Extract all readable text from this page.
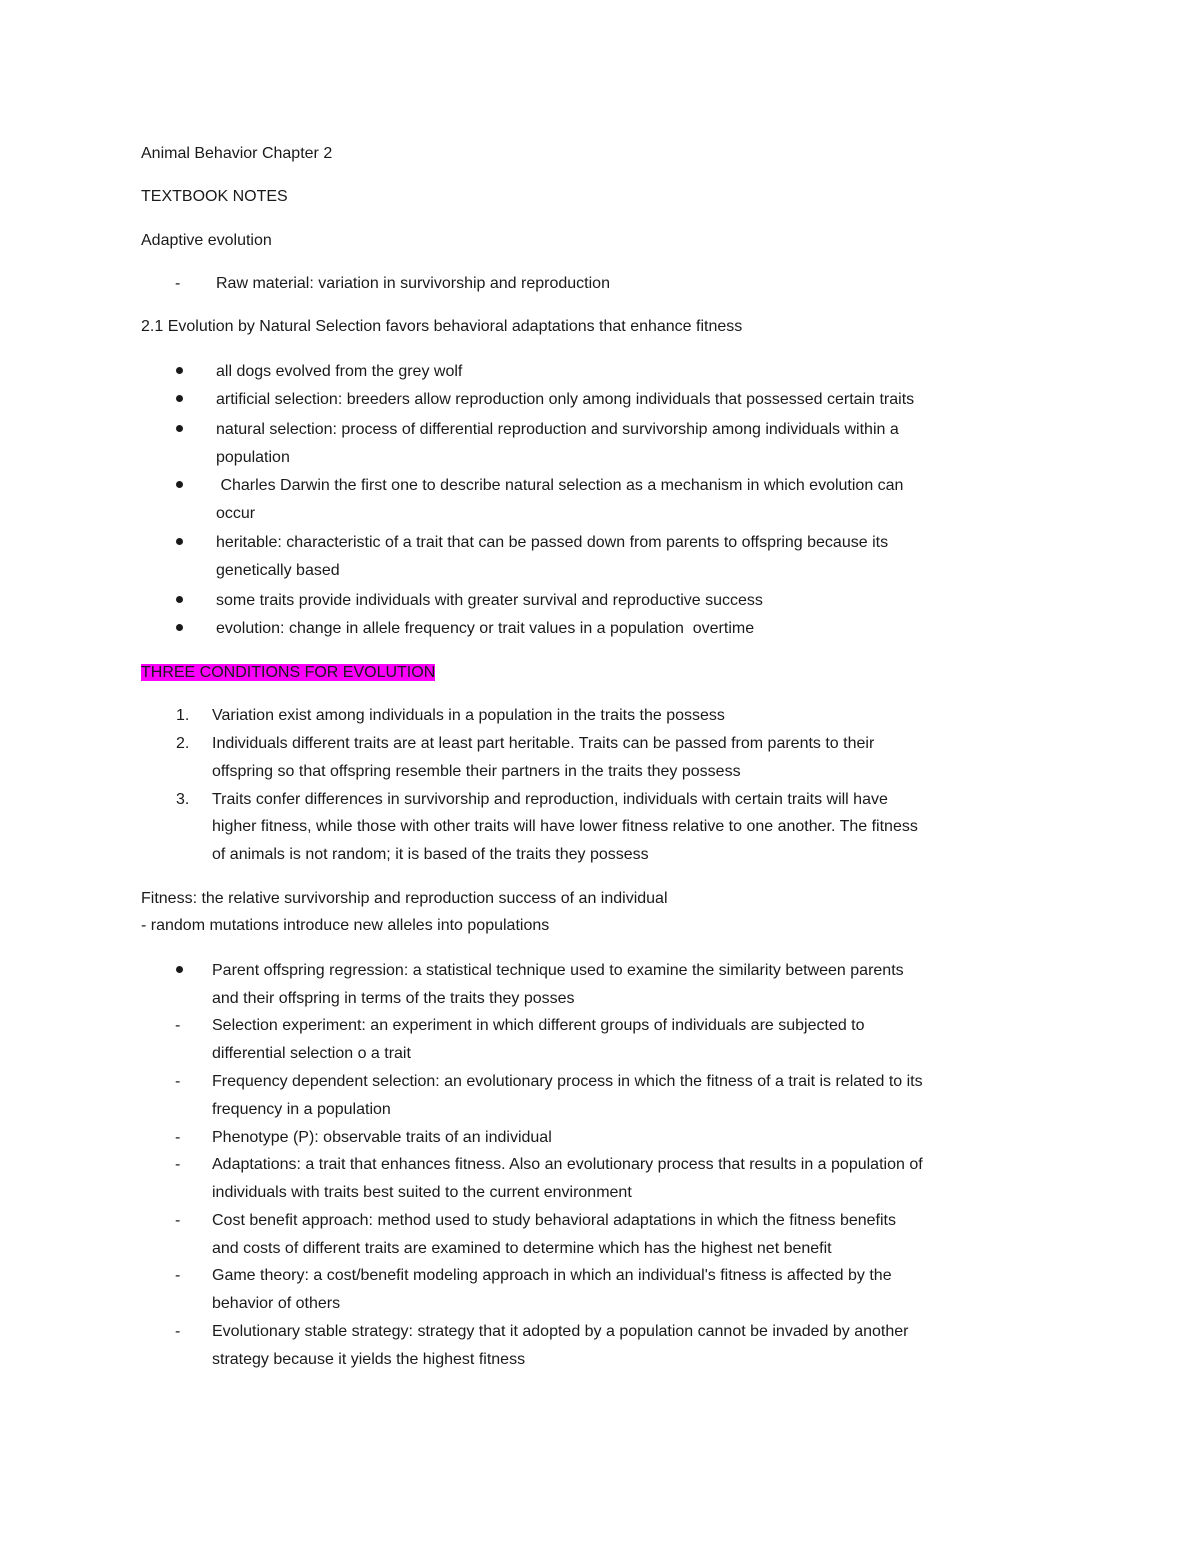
Animal Behavior Chapter 2

TEXTBOOK NOTES

Adaptive evolution

-	Raw material: variation in survivorship and reproduction

2.1 Evolution by Natural Selection favors behavioral adaptations that enhance fitness

all dogs evolved from the grey wolf
artificial selection: breeders allow reproduction only among individuals that possessed certain traits
natural selection: process of differential reproduction and survivorship among individuals within a
population
Charles Darwin the first one to describe natural selection as a mechanism in which evolution can
occur
heritable: characteristic of a trait that can be passed down from parents to offspring because its
genetically based
some traits provide individuals with greater survival and reproductive success
evolution: change in allele frequency or trait values in a population  overtime

THREE CONDITIONS FOR EVOLUTION

1.	Variation exist among individuals in a population in the traits the possess
2.	Individuals different traits are at least part heritable. Traits can be passed from parents to their
offspring so that offspring resemble their partners in the traits they possess
3.	Traits confer differences in survivorship and reproduction, individuals with certain traits will have
higher fitness, while those with other traits will have lower fitness relative to one another. The fitness
of animals is not random; it is based of the traits they possess

Fitness: the relative survivorship and reproduction success of an individual

- random mutations introduce new alleles into populations

Parent offspring regression: a statistical technique used to examine the similarity between parents
and their offspring in terms of the traits they posses
-	Selection experiment: an experiment in which different groups of individuals are subjected to
differential selection o a trait
-	Frequency dependent selection: an evolutionary process in which the fitness of a trait is related to its
frequency in a population
-	Phenotype (P): observable traits of an individual
-	Adaptations: a trait that enhances fitness. Also an evolutionary process that results in a population of
individuals with traits best suited to the current environment
-	Cost benefit approach: method used to study behavioral adaptations in which the fitness benefits
and costs of different traits are examined to determine which has the highest net benefit
-	Game theory: a cost/benefit modeling approach in which an individual's fitness is affected by the
behavior of others
-	Evolutionary stable strategy: strategy that it adopted by a population cannot be invaded by another
strategy because it yields the highest fitness
